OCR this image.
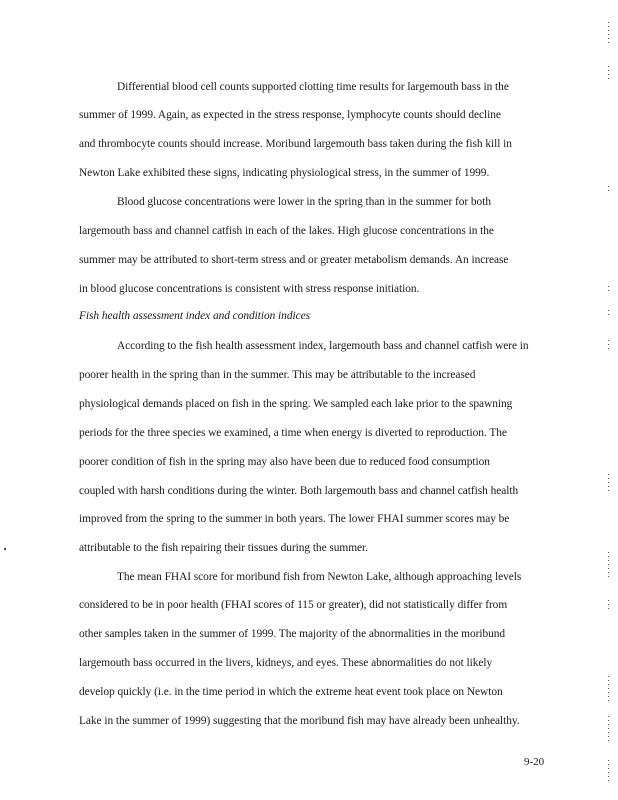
Differential blood cell counts supported clotting time results for largemouth bass in the
summer of 1999. Again, as expected in the stress response, lymphocyte counts should decline
and thrombocyte counts should increase. Moribund largemouth bass taken during the fish kill in
Newton Lake exhibited these signs, indicating physiological stress, in the summer of 1999.
Blood glucose concentrations were lower in the spring than in the summer for both
largemouth bass and channel catfish in each of the lakes. High glucose concentrations in the
summer may be attributed to short-term stress and or greater metabolism demands. An increase
in blood glucose concentrations is consistent with stress response initiation.
Fish health assessment index and condition indices
According to the fish health assessment index, largemouth bass and channel catfish were in
poorer health in the spring than in the summer. This may be attributable to the increased
physiological demands placed on fish in the spring. We sampled each lake prior to the spawning
periods for the three species we examined, a time when energy is diverted to reproduction. The
poorer condition of fish in the spring may also have been due to reduced food consumption
coupled with harsh conditions during the winter. Both largemouth bass and channel catfish health
improved from the spring to the summer in both years. The lower FHAI summer scores may be
attributable to the fish repairing their tissues during the summer.
The mean FHAI score for moribund fish from Newton Lake, although approaching levels
considered to be in poor health (FHAI scores of 115 or greater), did not statistically differ from
other samples taken in the summer of 1999. The majority of the abnormalities in the moribund
largemouth bass occurred in the livers, kidneys, and eyes. These abnormalities do not likely
develop quickly (i.e. in the time period in which the extreme heat event took place on Newton
Lake in the summer of 1999) suggesting that the moribund fish may have already been unhealthy.
9-20
